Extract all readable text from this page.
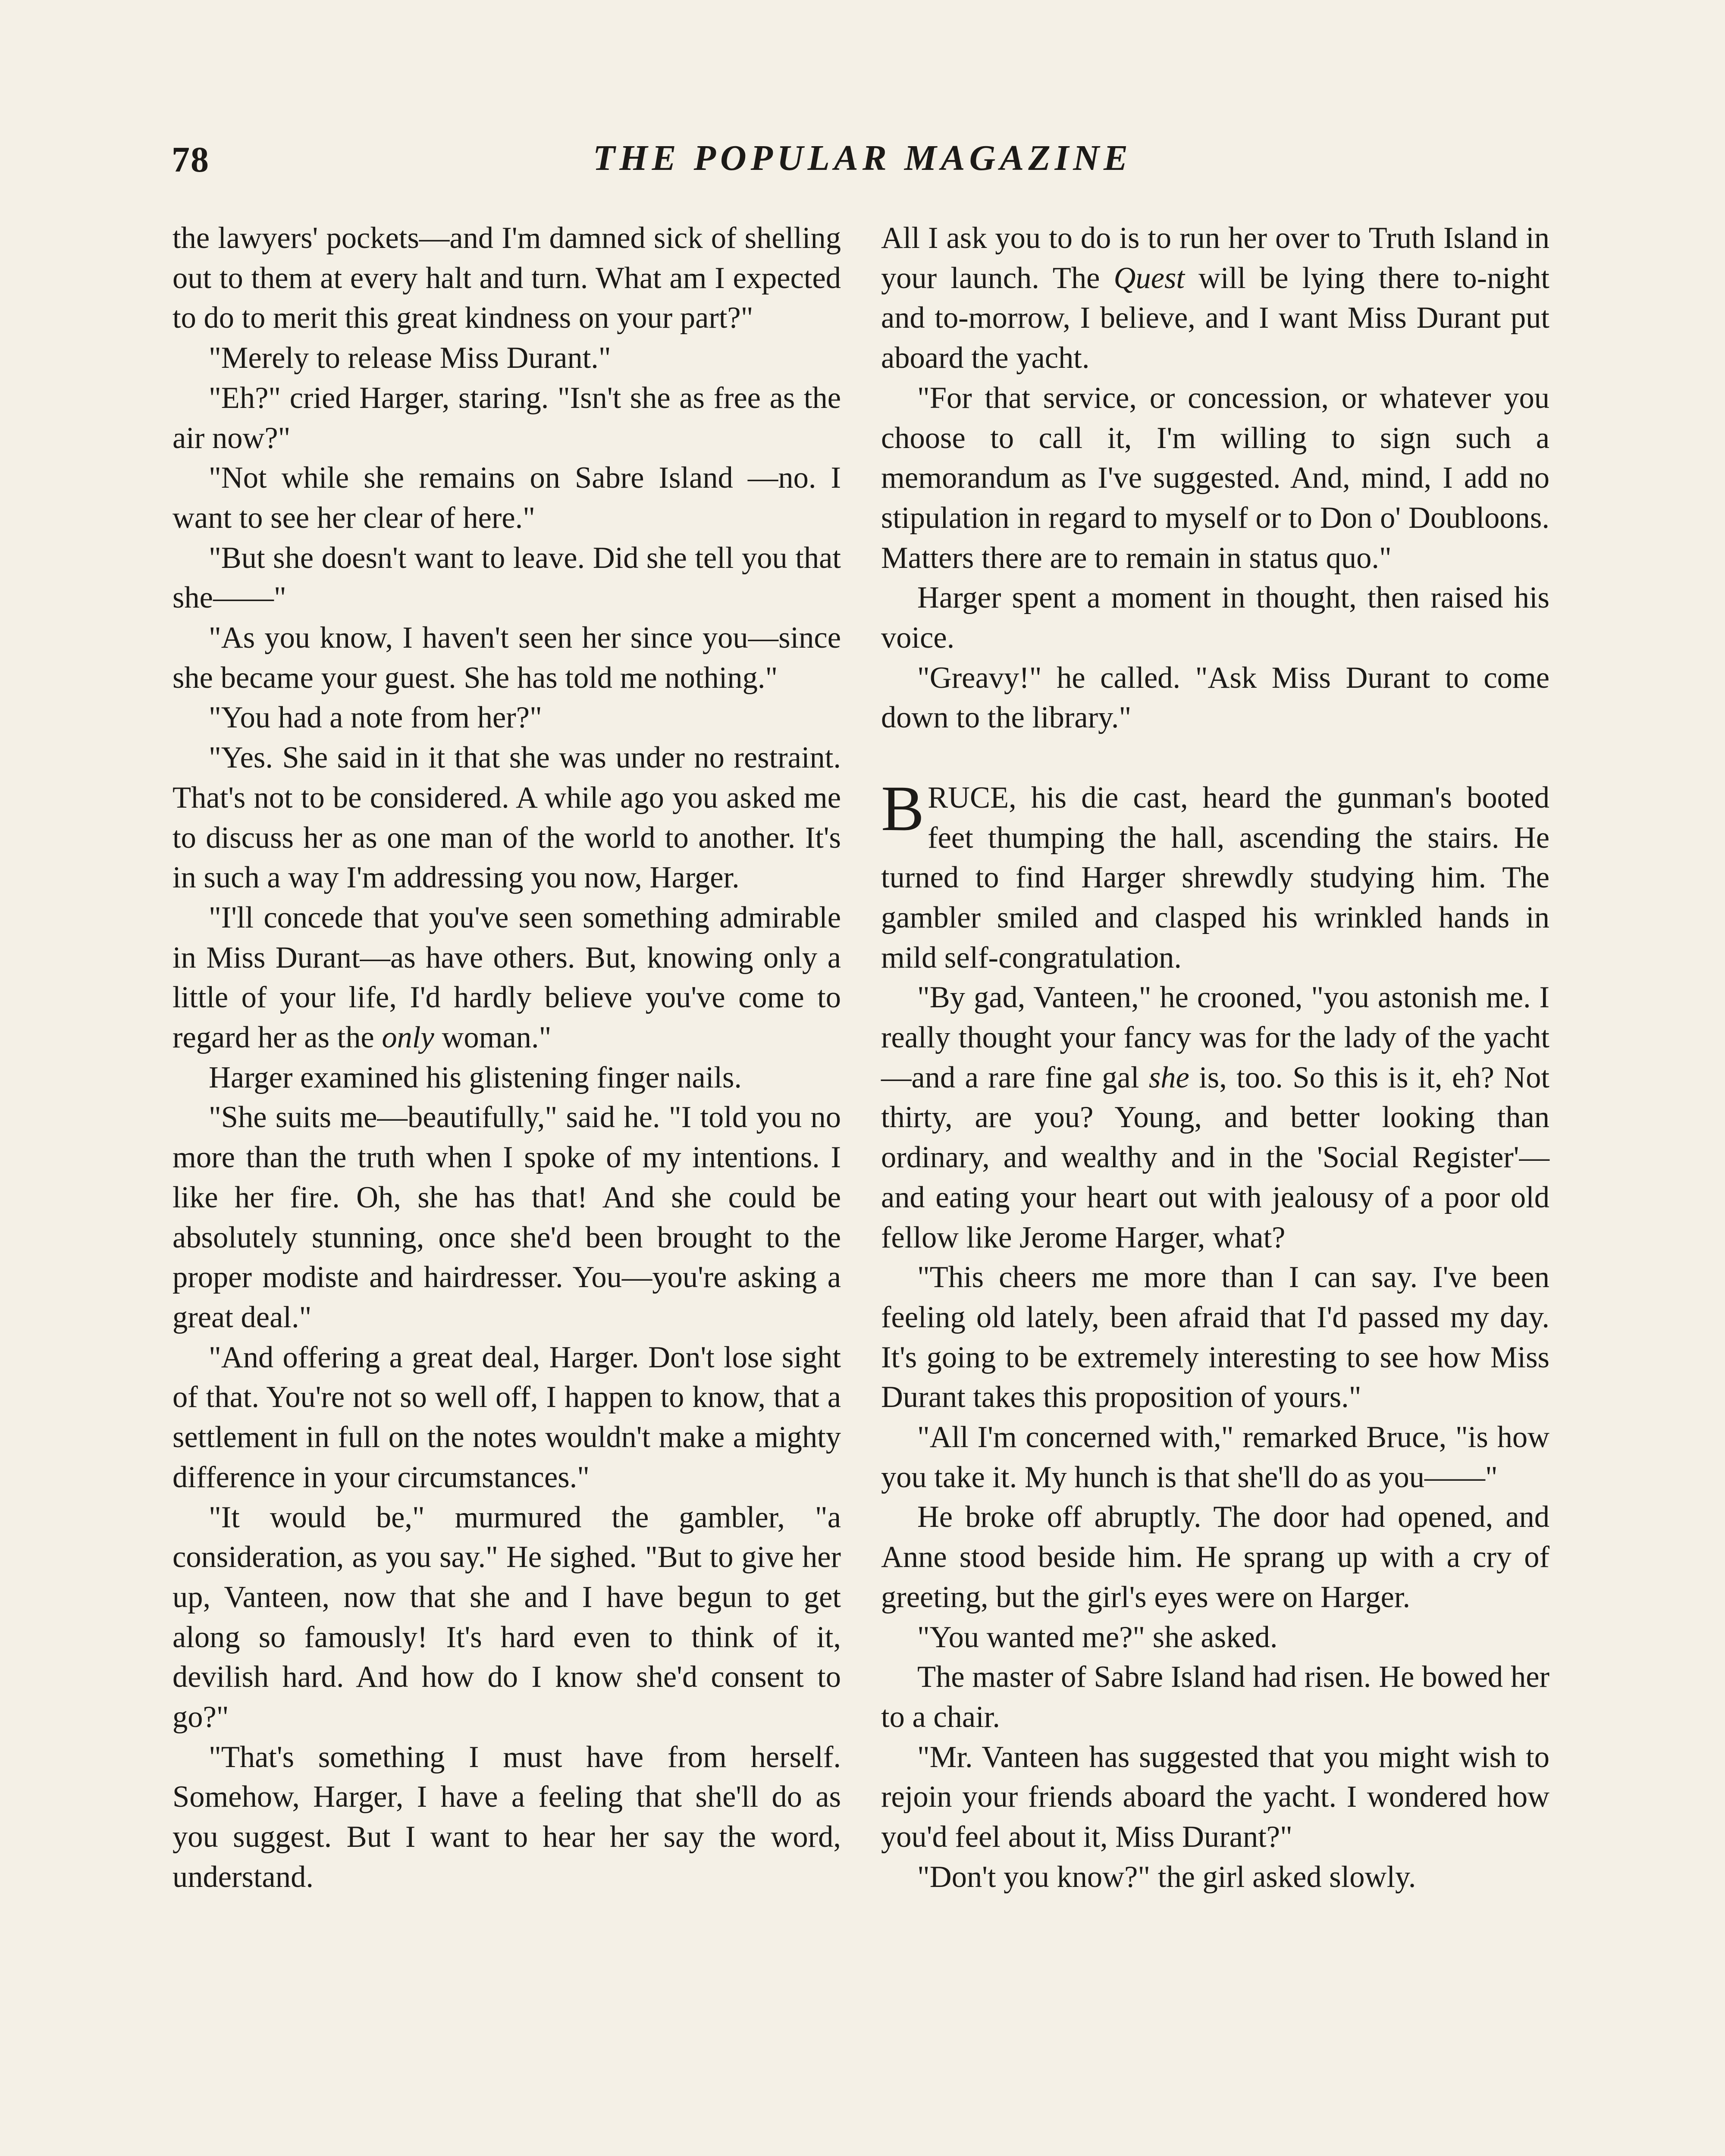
78	THE POPULAR MAGAZINE

the lawyers' pockets—and I'm damned sick of shelling out to them at every halt and turn. What am I expected to do to merit this great kindness on your part?"

"Merely to release Miss Durant."

"Eh?" cried Harger, staring. "Isn't she as free as the air now?"

"Not while she remains on Sabre Island —no. I want to see her clear of here."

"But she doesn't want to leave. Did she tell you that she——"

"As you know, I haven't seen her since you—since she became your guest. She has told me nothing."

"You had a note from her?"

"Yes. She said in it that she was under no restraint. That's not to be considered. A while ago you asked me to discuss her as one man of the world to another. It's in such a way I'm addressing you now, Harger.

"I'll concede that you've seen something admirable in Miss Durant—as have others. But, knowing only a little of your life, I'd hardly believe you've come to regard her as the only woman."

Harger examined his glistening finger nails.

"She suits me—beautifully," said he. "I told you no more than the truth when I spoke of my intentions. I like her fire. Oh, she has that! And she could be absolutely stunning, once she'd been brought to the proper modiste and hairdresser. You—you're asking a great deal."

"And offering a great deal, Harger. Don't lose sight of that. You're not so well off, I happen to know, that a settlement in full on the notes wouldn't make a mighty difference in your circumstances."

"It would be," murmured the gambler, "a consideration, as you say." He sighed. "But to give her up, Vanteen, now that she and I have begun to get along so famously! It's hard even to think of it, devilish hard. And how do I know she'd consent to go?"

"That's something I must have from herself. Somehow, Harger, I have a feeling that she'll do as you suggest. But I want to hear her say the word, understand.

All I ask you to do is to run her over to Truth Island in your launch. The Quest will be lying there to-night and to-morrow, I believe, and I want Miss Durant put aboard the yacht.

"For that service, or concession, or whatever you choose to call it, I'm willing to sign such a memorandum as I've suggested. And, mind, I add no stipulation in regard to myself or to Don o' Doubloons. Matters there are to remain in status quo."

Harger spent a moment in thought, then raised his voice.

"Greavy!" he called. "Ask Miss Durant to come down to the library."

BRUCE, his die cast, heard the gunman's booted feet thumping the hall, ascending the stairs. He turned to find Harger shrewdly studying him. The gambler smiled and clasped his wrinkled hands in mild self-congratulation.

"By gad, Vanteen," he crooned, "you astonish me. I really thought your fancy was for the lady of the yacht—and a rare fine gal she is, too. So this is it, eh? Not thirty, are you? Young, and better looking than ordinary, and wealthy and in the 'Social Register'—and eating your heart out with jealousy of a poor old fellow like Jerome Harger, what?

"This cheers me more than I can say. I've been feeling old lately, been afraid that I'd passed my day. It's going to be extremely interesting to see how Miss Durant takes this proposition of yours."

"All I'm concerned with," remarked Bruce, "is how you take it. My hunch is that she'll do as you——"

He broke off abruptly. The door had opened, and Anne stood beside him. He sprang up with a cry of greeting, but the girl's eyes were on Harger.

"You wanted me?" she asked.

The master of Sabre Island had risen. He bowed her to a chair.

"Mr. Vanteen has suggested that you might wish to rejoin your friends aboard the yacht. I wondered how you'd feel about it, Miss Durant?"

"Don't you know?" the girl asked slowly.
